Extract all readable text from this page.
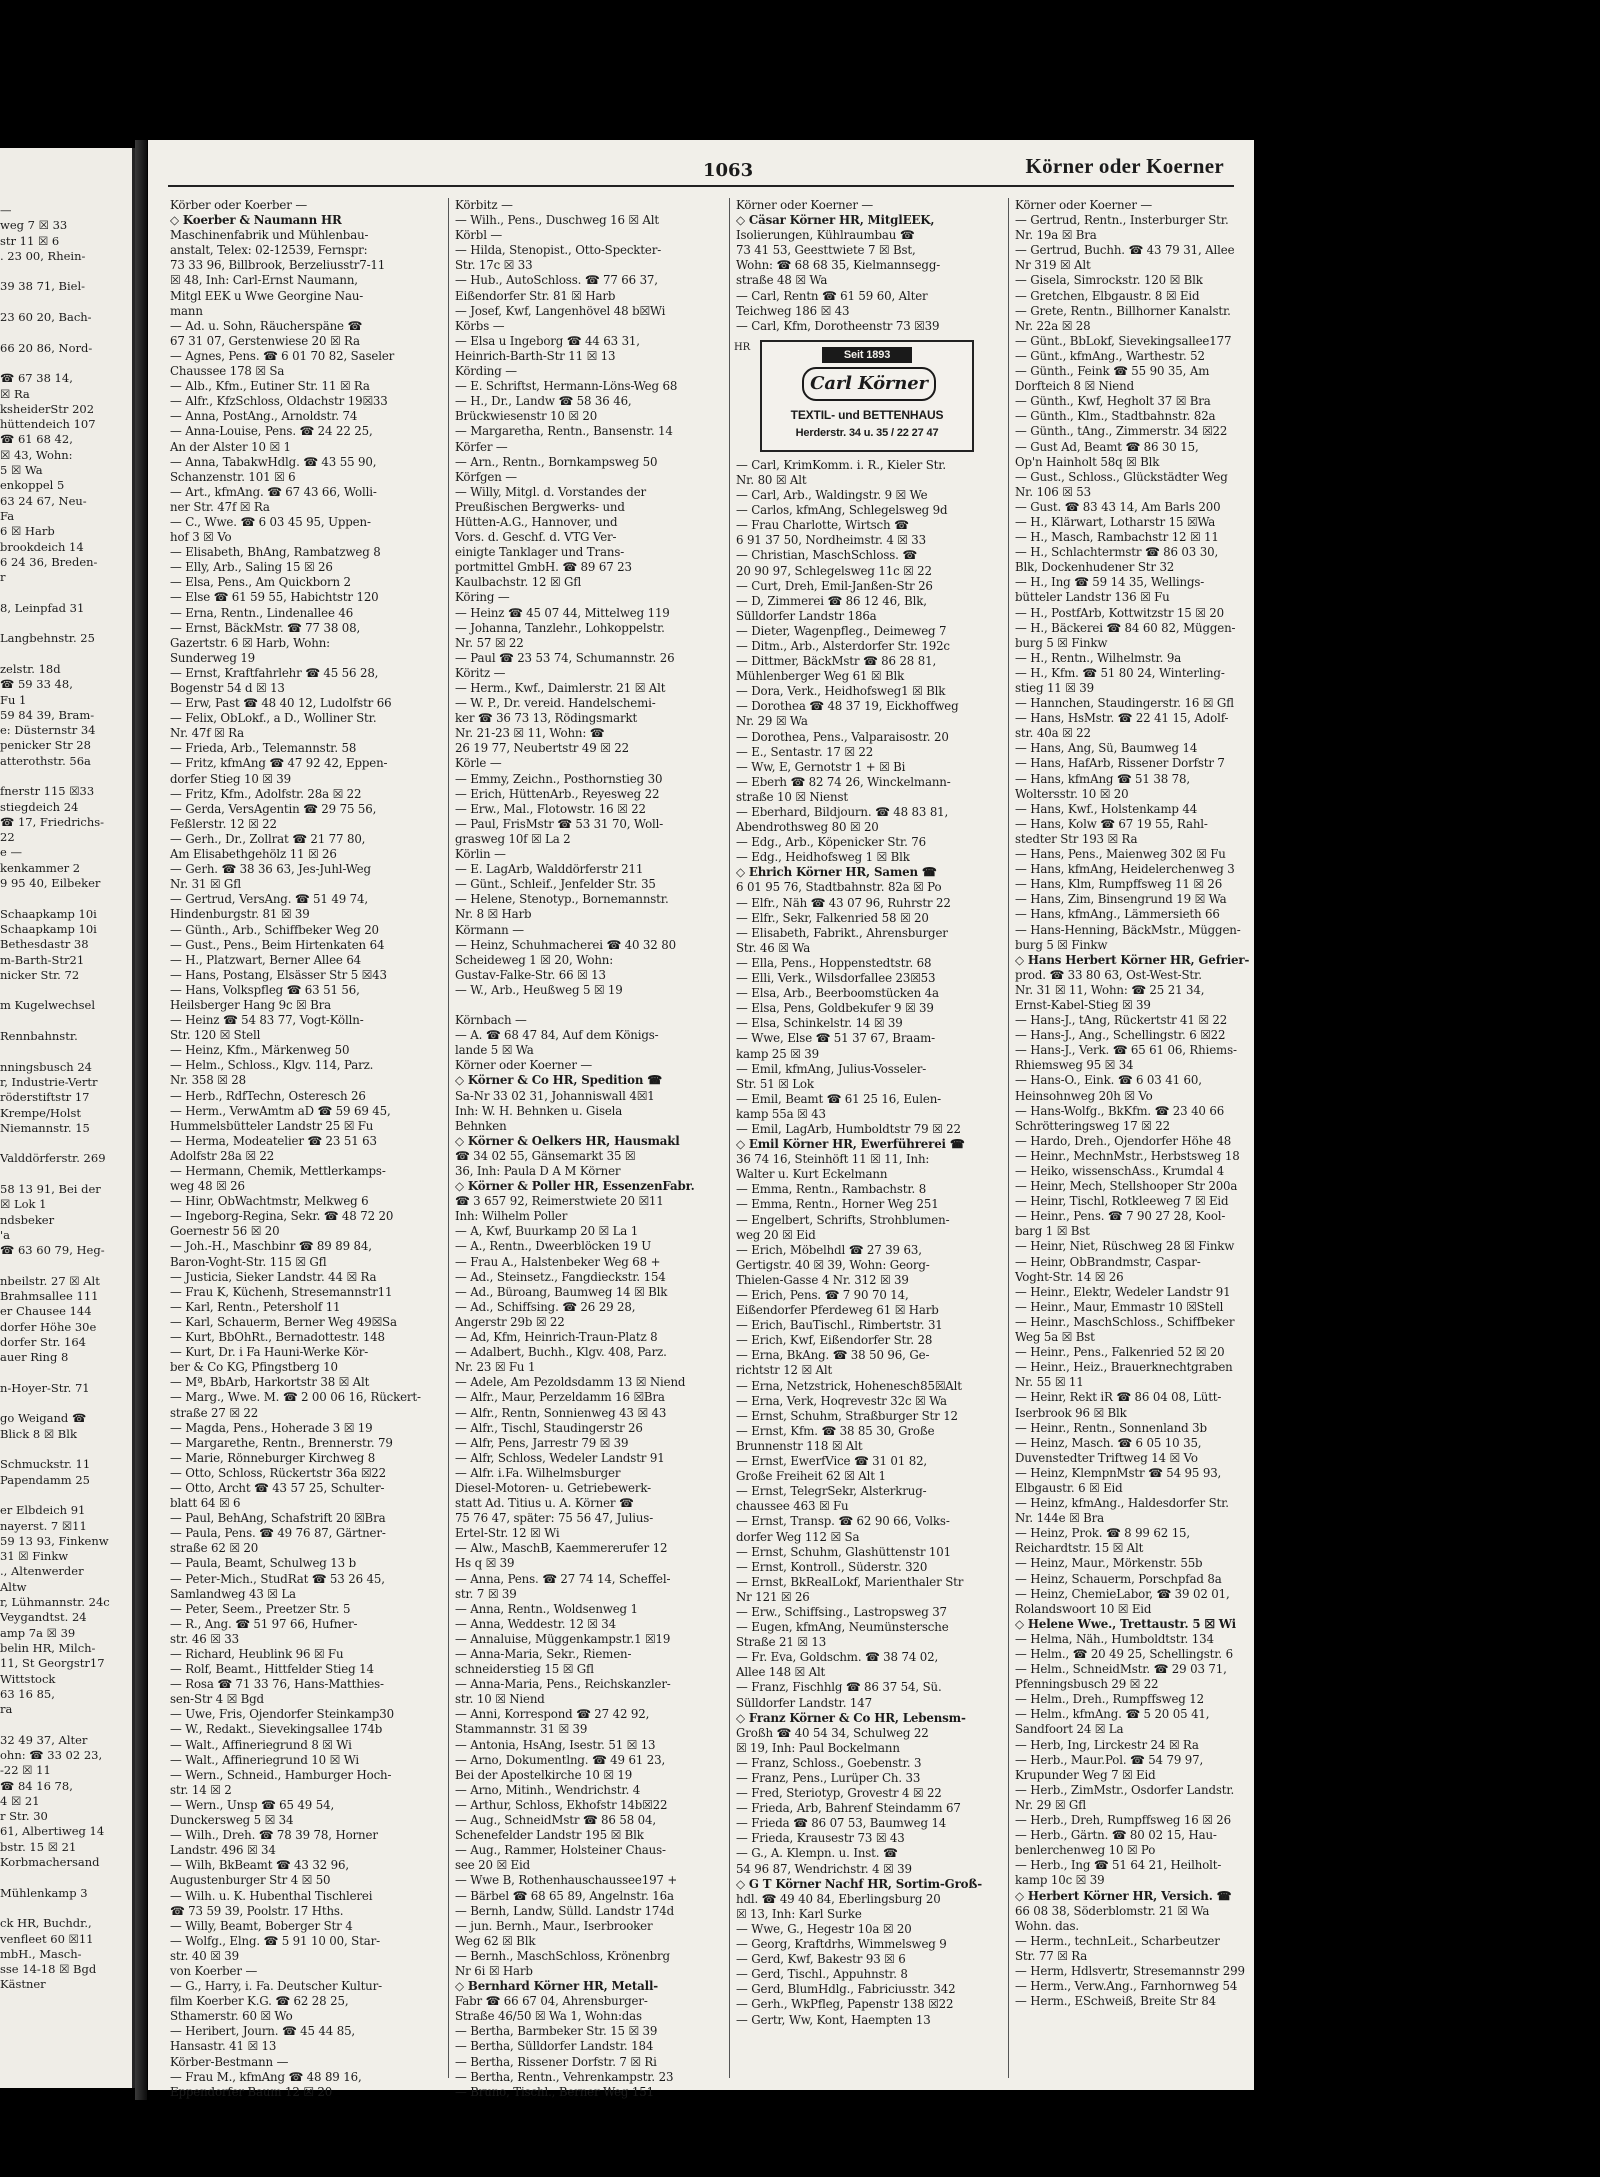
—
weg 7 ☒ 33
str 11 ☒ 6
. 23 00, Rhein-
39 38 71, Biel-
23 60 20, Bach-
66 20 86, Nord-
☎ 67 38 14,
☒ Ra
ksheiderStr 202
hüttendeich 107
☎ 61 68 42,
☒ 43, Wohn:
5 ☒ Wa
enkoppel 5
63 24 67, Neu-
Fa
6 ☒ Harb
brookdeich 14
6 24 36, Breden-
r
8, Leinpfad 31
Langbehnstr. 25
zelstr. 18d
☎ 59 33 48,
Fu 1
59 84 39, Bram-
e: Düsternstr 34
penicker Str 28
atterothstr. 56a
fnerstr 115 ☒33
stiegdeich 24
☎ 17, Friedrichs-
22
e —
kenkammer 2
9 95 40, Eilbeker
Schaapkamp 10i
Schaapkamp 10i
Bethesdastr 38
m-Barth-Str21
nicker Str. 72
m Kugelwechsel
Rennbahnstr.
nningsbusch 24
r, Industrie-Vertr
röderstiftstr 17
Krempe/Holst
Niemannstr. 15
Valddörferstr. 269
58 13 91, Bei der
☒ Lok 1
ndsbeker
'a
☎ 63 60 79, Heg-
nbeilstr. 27 ☒ Alt
Brahmsallee 111
er Chausee 144
dorfer Höhe 30e
dorfer Str. 164
auer Ring 8
n-Hoyer-Str. 71
go Weigand ☎
Blick 8 ☒ Blk
Schmuckstr. 11
Papendamm 25
er Elbdeich 91
nayerst. 7 ☒11
59 13 93, Finkenw
31 ☒ Finkw
., Altenwerder
Altw
r, Lühmannstr. 24c
Veygandtst. 24
amp 7a ☒ 39
belin HR, Milch-
11, St Georgstr17
Wittstock
63 16 85,
ra
32 49 37, Alter
ohn: ☎ 33 02 23,
-22 ☒ 11
☎ 84 16 78,
4 ☒ 21
r Str. 30
61, Albertiweg 14
bstr. 15 ☒ 21
Korbmachersand
Mühlenkamp 3
ck HR, Buchdr.,
venfleet 60 ☒11
mbH., Masch-
sse 14-18 ☒ Bgd
Kästner
1063	Körner oder Koerner
Körber oder Koerber —
◇ Koerber & Naumann HR
Maschinenfabrik und Mühlenbau-
anstalt, Telex: 02-12539, Fernspr:
73 33 96, Billbrook, Berzeliusstr7-11
☒ 48, Inh: Carl-Ernst Naumann,
Mitgl EEK u Wwe Georgine Nau-
mann
— Ad. u. Sohn, Räucherspäne ☎
67 31 07, Gerstenwiese 20 ☒ Ra
— Agnes, Pens. ☎ 6 01 70 82, Saseler
Chaussee 178 ☒ Sa
— Alb., Kfm., Eutiner Str. 11 ☒ Ra
— Alfr., KfzSchloss, Oldachstr 19☒33
— Anna, PostAng., Arnoldstr. 74
— Anna-Louise, Pens. ☎ 24 22 25,
An der Alster 10 ☒ 1
— Anna, TabakwHdlg. ☎ 43 55 90,
Schanzenstr. 101 ☒ 6
— Art., kfmAng. ☎ 67 43 66, Wolli-
ner Str. 47f ☒ Ra
— C., Wwe. ☎ 6 03 45 95, Uppen-
hof 3 ☒ Vo
— Elisabeth, BhAng, Rambatzweg 8
— Elly, Arb., Saling 15 ☒ 26
— Elsa, Pens., Am Quickborn 2
— Else ☎ 61 59 55, Habichtstr 120
— Erna, Rentn., Lindenallee 46
— Ernst, BäckMstr. ☎ 77 38 08,
Gazertstr. 6 ☒ Harb, Wohn:
Sunderweg 19
— Ernst, Kraftfahrlehr ☎ 45 56 28,
Bogenstr 54 d ☒ 13
— Erw, Past ☎ 48 40 12, Ludolfstr 66
— Felix, ObLokf., a D., Wolliner Str.
Nr. 47f ☒ Ra
— Frieda, Arb., Telemannstr. 58
— Fritz, kfmAng ☎ 47 92 42, Eppen-
dorfer Stieg 10 ☒ 39
— Fritz, Kfm., Adolfstr. 28a ☒ 22
— Gerda, VersAgentin ☎ 29 75 56,
Feßlerstr. 12 ☒ 22
— Gerh., Dr., Zollrat ☎ 21 77 80,
Am Elisabethgehölz 11 ☒ 26
— Gerh. ☎ 38 36 63, Jes-Juhl-Weg
Nr. 31 ☒ Gfl
— Gertrud, VersAng. ☎ 51 49 74,
Hindenburgstr. 81 ☒ 39
— Günth., Arb., Schiffbeker Weg 20
— Gust., Pens., Beim Hirtenkaten 64
— H., Platzwart, Berner Allee 64
— Hans, Postang, Elsässer Str 5 ☒43
— Hans, Volkspfleg ☎ 63 51 56,
Heilsberger Hang 9c ☒ Bra
— Heinz ☎ 54 83 77, Vogt-Kölln-
Str. 120 ☒ Stell
— Heinz, Kfm., Märkenweg 50
— Helm., Schloss., Klgv. 114, Parz.
Nr. 358 ☒ 28
— Herb., RdfTechn, Osteresch 26
— Herm., VerwAmtm aD ☎ 59 69 45,
Hummelsbütteler Landstr 25 ☒ Fu
— Herma, Modeatelier ☎ 23 51 63
Adolfstr 28a ☒ 22
— Hermann, Chemik, Mettlerkamps-
weg 48 ☒ 26
— Hinr, ObWachtmstr, Melkweg 6
— Ingeborg-Regina, Sekr. ☎ 48 72 20
Goernestr 56 ☒ 20
— Joh.-H., Maschbinr ☎ 89 89 84,
Baron-Voght-Str. 115 ☒ Gfl
— Justicia, Sieker Landstr. 44 ☒ Ra
— Frau K, Küchenh, Stresemannstr11
— Karl, Rentn., Petersholf 11
— Karl, Schauerm, Berner Weg 49☒Sa
— Kurt, BbOhRt., Bernadottestr. 148
— Kurt, Dr. i Fa Hauni-Werke Kör-
ber & Co KG, Pfingstberg 10
— Mª, BbArb, Harkortstr 38 ☒ Alt
— Marg., Wwe. M. ☎ 2 00 06 16, Rückert-
straße 27 ☒ 22
— Magda, Pens., Hoherade 3 ☒ 19
— Margarethe, Rentn., Brennerstr. 79
— Marie, Rönneburger Kirchweg 8
— Otto, Schloss, Rückertstr 36a ☒22
— Otto, Archt ☎ 43 57 25, Schulter-
blatt 64 ☒ 6
— Paul, BehAng, Schafstrift 20 ☒Bra
— Paula, Pens. ☎ 49 76 87, Gärtner-
straße 62 ☒ 20
— Paula, Beamt, Schulweg 13 b
— Peter-Mich., StudRat ☎ 53 26 45,
Samlandweg 43 ☒ La
— Peter, Seem., Preetzer Str. 5
— R., Ang. ☎ 51 97 66, Hufner-
str. 46 ☒ 33
— Richard, Heublink 96 ☒ Fu
— Rolf, Beamt., Hittfelder Stieg 14
— Rosa ☎ 71 33 76, Hans-Matthies-
sen-Str 4 ☒ Bgd
— Uwe, Fris, Ojendorfer Steinkamp30
— W., Redakt., Sievekingsallee 174b
— Walt., Affineriegrund 8 ☒ Wi
— Walt., Affineriegrund 10 ☒ Wi
— Wern., Schneid., Hamburger Hoch-
str. 14 ☒ 2
— Wern., Unsp ☎ 65 49 54,
Dunckersweg 5 ☒ 34
— Wilh., Dreh. ☎ 78 39 78, Horner
Landstr. 496 ☒ 34
— Wilh, BkBeamt ☎ 43 32 96,
Augustenburger Str 4 ☒ 50
— Wilh. u. K. Hubenthal Tischlerei
☎ 73 59 39, Poolstr. 17 Hths.
— Willy, Beamt, Boberger Str 4
— Wolfg., Elng. ☎ 5 91 10 00, Star-
str. 40 ☒ 39
von Koerber —
— G., Harry, i. Fa. Deutscher Kultur-
film Koerber K.G. ☎ 62 28 25,
Sthamerstr. 60 ☒ Wo
— Heribert, Journ. ☎ 45 44 85,
Hansastr. 41 ☒ 13
Körber-Bestmann —
— Frau M., kfmAng ☎ 48 89 16,
Eppendorfer Baum 12 ☒ 20
Körbitz —
— Wilh., Pens., Duschweg 16 ☒ Alt
Körbl —
— Hilda, Stenopist., Otto-Speckter-
Str. 17c ☒ 33
— Hub., AutoSchloss. ☎ 77 66 37,
Eißendorfer Str. 81 ☒ Harb
— Josef, Kwf, Langenhövel 48 b☒Wi
Körbs —
— Elsa u Ingeborg ☎ 44 63 31,
Heinrich-Barth-Str 11 ☒ 13
Körding —
— E. Schriftst, Hermann-Löns-Weg 68
— H., Dr., Landw ☎ 58 36 46,
Brückwiesenstr 10 ☒ 20
— Margaretha, Rentn., Bansenstr. 14
Körfer —
— Arn., Rentn., Bornkampsweg 50
Körfgen —
— Willy, Mitgl. d. Vorstandes der
Preußischen Bergwerks- und
Hütten-A.G., Hannover, und
Vors. d. Geschf. d. VTG Ver-
einigte Tanklager und Trans-
portmittel GmbH. ☎ 89 67 23
Kaulbachstr. 12 ☒ Gfl
Köring —
— Heinz ☎ 45 07 44, Mittelweg 119
— Johanna, Tanzlehr., Lohkoppelstr.
Nr. 57 ☒ 22
— Paul ☎ 23 53 74, Schumannstr. 26
Köritz —
— Herm., Kwf., Daimlerstr. 21 ☒ Alt
— W. P., Dr. vereid. Handelschemi-
ker ☎ 36 73 13, Rödingsmarkt
Nr. 21-23 ☒ 11, Wohn: ☎
26 19 77, Neubertstr 49 ☒ 22
Körle —
— Emmy, Zeichn., Posthornstieg 30
— Erich, HüttenArb., Reyesweg 22
— Erw., Mal., Flotowstr. 16 ☒ 22
— Paul, FrisMstr ☎ 53 31 70, Woll-
grasweg 10f ☒ La 2
Körlin —
— E. LagArb, Walddörferstr 211
— Günt., Schleif., Jenfelder Str. 35
— Helene, Stenotyp., Bornemannstr.
Nr. 8 ☒ Harb
Körmann —
— Heinz, Schuhmacherei ☎ 40 32 80
Scheideweg 1 ☒ 20, Wohn:
Gustav-Falke-Str. 66 ☒ 13
— W., Arb., Heußweg 5 ☒ 19
Körnbach —
— A. ☎ 68 47 84, Auf dem Königs-
lande 5 ☒ Wa
Körner oder Koerner —
◇ Körner & Co HR, Spedition ☎
Sa-Nr 33 02 31, Johanniswall 4☒1
Inh: W. H. Behnken u. Gisela
Behnken
◇ Körner & Oelkers HR, Hausmakl
☎ 34 02 55, Gänsemarkt 35 ☒
36, Inh: Paula D A M Körner
◇ Körner & Poller HR, EssenzenFabr.
☎ 3 657 92, Reimerstwiete 20 ☒11
Inh: Wilhelm Poller
— A, Kwf, Buurkamp 20 ☒ La 1
— A., Rentn., Dweerblöcken 19 U
— Frau A., Halstenbeker Weg 68 +
— Ad., Steinsetz., Fangdieckstr. 154
— Ad., Büroang, Baumweg 14 ☒ Blk
— Ad., Schiffsing. ☎ 26 29 28,
Angerstr 29b ☒ 22
— Ad, Kfm, Heinrich-Traun-Platz 8
— Adalbert, Buchh., Klgv. 408, Parz.
Nr. 23 ☒ Fu 1
— Adele, Am Pezoldsdamm 13 ☒ Niend
— Alfr., Maur, Perzeldamm 16 ☒Bra
— Alfr., Rentn, Sonnienweg 43 ☒ 43
— Alfr., Tischl, Staudingerstr 26
— Alfr, Pens, Jarrestr 79 ☒ 39
— Alfr, Schloss, Wedeler Landstr 91
— Alfr. i.Fa. Wilhelmsburger
Diesel-Motoren- u. Getriebewerk-
statt Ad. Titius u. A. Körner ☎
75 76 47, später: 75 56 47, Julius-
Ertel-Str. 12 ☒ Wi
— Alw., MaschB, Kaemmererufer 12
Hs q ☒ 39
— Anna, Pens. ☎ 27 74 14, Scheffel-
str. 7 ☒ 39
— Anna, Rentn., Woldsenweg 1
— Anna, Weddestr. 12 ☒ 34
— Annaluise, Müggenkampstr.1 ☒19
— Anna-Maria, Sekr., Riemen-
schneiderstieg 15 ☒ Gfl
— Anna-Maria, Pens., Reichskanzler-
str. 10 ☒ Niend
— Anni, Korrespond ☎ 27 42 92,
Stammannstr. 31 ☒ 39
— Antonia, HsAng, Isestr. 51 ☒ 13
— Arno, Dokumentlng. ☎ 49 61 23,
Bei der Apostelkirche 10 ☒ 19
— Arno, Mitinh., Wendrichstr. 4
— Arthur, Schloss, Ekhofstr 14b☒22
— Aug., SchneidMstr ☎ 86 58 04,
Schenefelder Landstr 195 ☒ Blk
— Aug., Rammer, Holsteiner Chaus-
see 20 ☒ Eid
— Wwe B, Rothenhauschaussee197 +
— Bärbel ☎ 68 65 89, Angelnstr. 16a
— Bernh, Landw, Sülld. Landstr 174d
— jun. Bernh., Maur., Iserbrooker
Weg 62 ☒ Blk
— Bernh., MaschSchloss, Krönenbrg
Nr 6i ☒ Harb
◇ Bernhard Körner HR, Metall-
Fabr ☎ 66 67 04, Ahrensburger-
Straße 46/50 ☒ Wa 1, Wohn:das
— Bertha, Barmbeker Str. 15 ☒ 39
— Bertha, Sülldorfer Landstr. 184
— Bertha, Rissener Dorfstr. 7 ☒ Ri
— Bertha, Rentn., Vehrenkampstr. 23
— Bruno, Tischl., Berner Weg 151
Körner oder Koerner —
◇ Cäsar Körner HR, MitglEEK,
Isolierungen, Kühlraumbau ☎
73 41 53, Geesttwiete 7 ☒ Bst,
Wohn: ☎ 68 68 35, Kielmannsegg-
straße 48 ☒ Wa
— Carl, Rentn ☎ 61 59 60, Alter
Teichweg 186 ☒ 43
— Carl, Kfm, Dorotheenstr 73 ☒39
HR
Seit 1893
Carl Körner
TEXTIL- und BETTENHAUS
Herderstr. 34 u. 35 / 22 27 47
— Carl, KrimKomm. i. R., Kieler Str.
Nr. 80 ☒ Alt
— Carl, Arb., Waldingstr. 9 ☒ We
— Carlos, kfmAng, Schlegelsweg 9d
— Frau Charlotte, Wirtsch ☎
6 91 37 50, Nordheimstr. 4 ☒ 33
— Christian, MaschSchloss. ☎
20 90 97, Schlegelsweg 11c ☒ 22
— Curt, Dreh, Emil-Janßen-Str 26
— D, Zimmerei ☎ 86 12 46, Blk,
Sülldorfer Landstr 186a
— Dieter, Wagenpfleg., Deimeweg 7
— Ditm., Arb., Alsterdorfer Str. 192c
— Dittmer, BäckMstr ☎ 86 28 81,
Mühlenberger Weg 61 ☒ Blk
— Dora, Verk., Heidhofsweg1 ☒ Blk
— Dorothea ☎ 48 37 19, Eickhoffweg
Nr. 29 ☒ Wa
— Dorothea, Pens., Valparaisostr. 20
— E., Sentastr. 17 ☒ 22
— Ww, E, Gernotstr 1 + ☒ Bi
— Eberh ☎ 82 74 26, Winckelmann-
straße 10 ☒ Nienst
— Eberhard, Bildjourn. ☎ 48 83 81,
Abendrothsweg 80 ☒ 20
— Edg., Arb., Köpenicker Str. 76
— Edg., Heidhofsweg 1 ☒ Blk
◇ Ehrich Körner HR, Samen ☎
6 01 95 76, Stadtbahnstr. 82a ☒ Po
— Elfr., Näh ☎ 43 07 96, Ruhrstr 22
— Elfr., Sekr, Falkenried 58 ☒ 20
— Elisabeth, Fabrikt., Ahrensburger
Str. 46 ☒ Wa
— Ella, Pens., Hoppenstedtstr. 68
— Elli, Verk., Wilsdorfallee 23☒53
— Elsa, Arb., Beerboomstücken 4a
— Elsa, Pens, Goldbekufer 9 ☒ 39
— Elsa, Schinkelstr. 14 ☒ 39
— Wwe, Else ☎ 51 37 67, Braam-
kamp 25 ☒ 39
— Emil, kfmAng, Julius-Vosseler-
Str. 51 ☒ Lok
— Emil, Beamt ☎ 61 25 16, Eulen-
kamp 55a ☒ 43
— Emil, LagArb, Humboldtstr 79 ☒ 22
◇ Emil Körner HR, Ewerführerei ☎
36 74 16, Steinhöft 11 ☒ 11, Inh:
Walter u. Kurt Eckelmann
— Emma, Rentn., Rambachstr. 8
— Emma, Rentn., Horner Weg 251
— Engelbert, Schrifts, Strohblumen-
weg 20 ☒ Eid
— Erich, Möbelhdl ☎ 27 39 63,
Gertigstr. 40 ☒ 39, Wohn: Georg-
Thielen-Gasse 4 Nr. 312 ☒ 39
— Erich, Pens. ☎ 7 90 70 14,
Eißendorfer Pferdeweg 61 ☒ Harb
— Erich, BauTischl., Rimbertstr. 31
— Erich, Kwf, Eißendorfer Str. 28
— Erna, BkAng. ☎ 38 50 96, Ge-
richtstr 12 ☒ Alt
— Erna, Netzstrick, Hohenesch85☒Alt
— Erna, Verk, Hoqrevestr 32c ☒ Wa
— Ernst, Schuhm, Straßburger Str 12
— Ernst, Kfm. ☎ 38 85 30, Große
Brunnenstr 118 ☒ Alt
— Ernst, EwerfVice ☎ 31 01 82,
Große Freiheit 62 ☒ Alt 1
— Ernst, TelegrSekr, Alsterkrug-
chaussee 463 ☒ Fu
— Ernst, Transp. ☎ 62 90 66, Volks-
dorfer Weg 112 ☒ Sa
— Ernst, Schuhm, Glashüttenstr 101
— Ernst, Kontroll., Süderstr. 320
— Ernst, BkRealLokf, Marienthaler Str
Nr 121 ☒ 26
— Erw., Schiffsing., Lastropsweg 37
— Eugen, kfmAng, Neumünstersche
Straße 21 ☒ 13
— Fr. Eva, Goldschm. ☎ 38 74 02,
Allee 148 ☒ Alt
— Franz, Fischhlg ☎ 86 37 54, Sü.
Sülldorfer Landstr. 147
◇ Franz Körner & Co HR, Lebensm-
Großh ☎ 40 54 34, Schulweg 22
☒ 19, Inh: Paul Bockelmann
— Franz, Schloss., Goebenstr. 3
— Franz, Pens., Lurüper Ch. 33
— Fred, Steriotyp, Grovestr 4 ☒ 22
— Frieda, Arb, Bahrenf Steindamm 67
— Frieda ☎ 86 07 53, Baumweg 14
— Frieda, Krausestr 73 ☒ 43
— G., A. Klempn. u. Inst. ☎
54 96 87, Wendrichstr. 4 ☒ 39
◇ G T Körner Nachf HR, Sortim-Groß-
hdl. ☎ 49 40 84, Eberlingsburg 20
☒ 13, Inh: Karl Surke
— Wwe, G., Hegestr 10a ☒ 20
— Georg, Kraftdrhs, Wimmelsweg 9
— Gerd, Kwf, Bakestr 93 ☒ 6
— Gerd, Tischl., Appuhnstr. 8
— Gerd, BlumHdlg., Fabriciusstr. 342
— Gerh., WkPfleg, Papenstr 138 ☒22
— Gertr, Ww, Kont, Haempten 13
Körner oder Koerner —
— Gertrud, Rentn., Insterburger Str.
Nr. 19a ☒ Bra
— Gertrud, Buchh. ☎ 43 79 31, Allee
Nr 319 ☒ Alt
— Gisela, Simrockstr. 120 ☒ Blk
— Gretchen, Elbgaustr. 8 ☒ Eid
— Grete, Rentn., Billhorner Kanalstr.
Nr. 22a ☒ 28
— Günt., BbLokf, Sievekingsallee177
— Günt., kfmAng., Warthestr. 52
— Günth., Feink ☎ 55 90 35, Am
Dorfteich 8 ☒ Niend
— Günth., Kwf, Hegholt 37 ☒ Bra
— Günth., Klm., Stadtbahnstr. 82a
— Günth., tAng., Zimmerstr. 34 ☒22
— Gust Ad, Beamt ☎ 86 30 15,
Op'n Hainholt 58q ☒ Blk
— Gust., Schloss., Glückstädter Weg
Nr. 106 ☒ 53
— Gust. ☎ 83 43 14, Am Barls 200
— H., Klärwart, Lotharstr 15 ☒Wa
— H., Masch, Rambachstr 12 ☒ 11
— H., Schlachtermstr ☎ 86 03 30,
Blk, Dockenhudener Str 32
— H., Ing ☎ 59 14 35, Wellings-
bütteler Landstr 136 ☒ Fu
— H., PostfArb, Kottwitzstr 15 ☒ 20
— H., Bäckerei ☎ 84 60 82, Müggen-
burg 5 ☒ Finkw
— H., Rentn., Wilhelmstr. 9a
— H., Kfm. ☎ 51 80 24, Winterling-
stieg 11 ☒ 39
— Hannchen, Staudingerstr. 16 ☒ Gfl
— Hans, HsMstr. ☎ 22 41 15, Adolf-
str. 40a ☒ 22
— Hans, Ang, Sü, Baumweg 14
— Hans, HafArb, Rissener Dorfstr 7
— Hans, kfmAng ☎ 51 38 78,
Woltersstr. 10 ☒ 20
— Hans, Kwf., Holstenkamp 44
— Hans, Kolw ☎ 67 19 55, Rahl-
stedter Str 193 ☒ Ra
— Hans, Pens., Maienweg 302 ☒ Fu
— Hans, kfmAng, Heidelerchenweg 3
— Hans, Klm, Rumpffsweg 11 ☒ 26
— Hans, Zim, Binsengrund 19 ☒ Wa
— Hans, kfmAng., Lämmersieth 66
— Hans-Henning, BäckMstr., Müggen-
burg 5 ☒ Finkw
◇ Hans Herbert Körner HR, Gefrier-
prod. ☎ 33 80 63, Ost-West-Str.
Nr. 31 ☒ 11, Wohn: ☎ 25 21 34,
Ernst-Kabel-Stieg ☒ 39
— Hans-J., tAng, Rückertstr 41 ☒ 22
— Hans-J., Ang., Schellingstr. 6 ☒22
— Hans-J., Verk. ☎ 65 61 06, Rhiems-
Rhiemsweg 95 ☒ 34
— Hans-O., Eink. ☎ 6 03 41 60,
Heinsohnweg 20h ☒ Vo
— Hans-Wolfg., BkKfm. ☎ 23 40 66
Schrötteringsweg 17 ☒ 22
— Hardo, Dreh., Ojendorfer Höhe 48
— Heinr., MechnMstr., Herbstsweg 18
— Heiko, wissenschAss., Krumdal 4
— Heinr, Mech, Stellshooper Str 200a
— Heinr, Tischl, Rotkleeweg 7 ☒ Eid
— Heinr., Pens. ☎ 7 90 27 28, Kool-
barg 1 ☒ Bst
— Heinr, Niet, Rüschweg 28 ☒ Finkw
— Heinr, ObBrandmstr, Caspar-
Voght-Str. 14 ☒ 26
— Heinr., Elektr, Wedeler Landstr 91
— Heinr., Maur, Emmastr 10 ☒Stell
— Heinr., MaschSchloss., Schiffbeker
Weg 5a ☒ Bst
— Heinr., Pens., Falkenried 52 ☒ 20
— Heinr., Heiz., Brauerknechtgraben
Nr. 55 ☒ 11
— Heinr, Rekt iR ☎ 86 04 08, Lütt-
Iserbrook 96 ☒ Blk
— Heinr., Rentn., Sonnenland 3b
— Heinz, Masch. ☎ 6 05 10 35,
Duvenstedter Triftweg 14 ☒ Vo
— Heinz, KlempnMstr ☎ 54 95 93,
Elbgaustr. 6 ☒ Eid
— Heinz, kfmAng., Haldesdorfer Str.
Nr. 144e ☒ Bra
— Heinz, Prok. ☎ 8 99 62 15,
Reichardtstr. 15 ☒ Alt
— Heinz, Maur., Mörkenstr. 55b
— Heinz, Schauerm, Porschpfad 8a
— Heinz, ChemieLabor, ☎ 39 02 01,
Rolandswoort 10 ☒ Eid
◇ Helene Wwe., Trettaustr. 5 ☒ Wi
— Helma, Näh., Humboldtstr. 134
— Helm., ☎ 20 49 25, Schellingstr. 6
— Helm., SchneidMstr. ☎ 29 03 71,
Pfenningsbusch 29 ☒ 22
— Helm., Dreh., Rumpffsweg 12
— Helm., kfmAng. ☎ 5 20 05 41,
Sandfoort 24 ☒ La
— Herb, Ing, Lirckestr 24 ☒ Ra
— Herb., Maur.Pol. ☎ 54 79 97,
Krupunder Weg 7 ☒ Eid
— Herb., ZimMstr., Osdorfer Landstr.
Nr. 29 ☒ Gfl
— Herb., Dreh, Rumpffsweg 16 ☒ 26
— Herb., Gärtn. ☎ 80 02 15, Hau-
benlerchenweg 10 ☒ Po
— Herb., Ing ☎ 51 64 21, Heilholt-
kamp 10c ☒ 39
◇ Herbert Körner HR, Versich. ☎
66 08 38, Söderblomstr. 21 ☒ Wa
Wohn. das.
— Herm., technLeit., Scharbeutzer
Str. 77 ☒ Ra
— Herm, Hdlsvertr, Stresemannstr 299
— Herm., Verw.Ang., Farnhornweg 54
— Herm., ESchweiß, Breite Str 84
